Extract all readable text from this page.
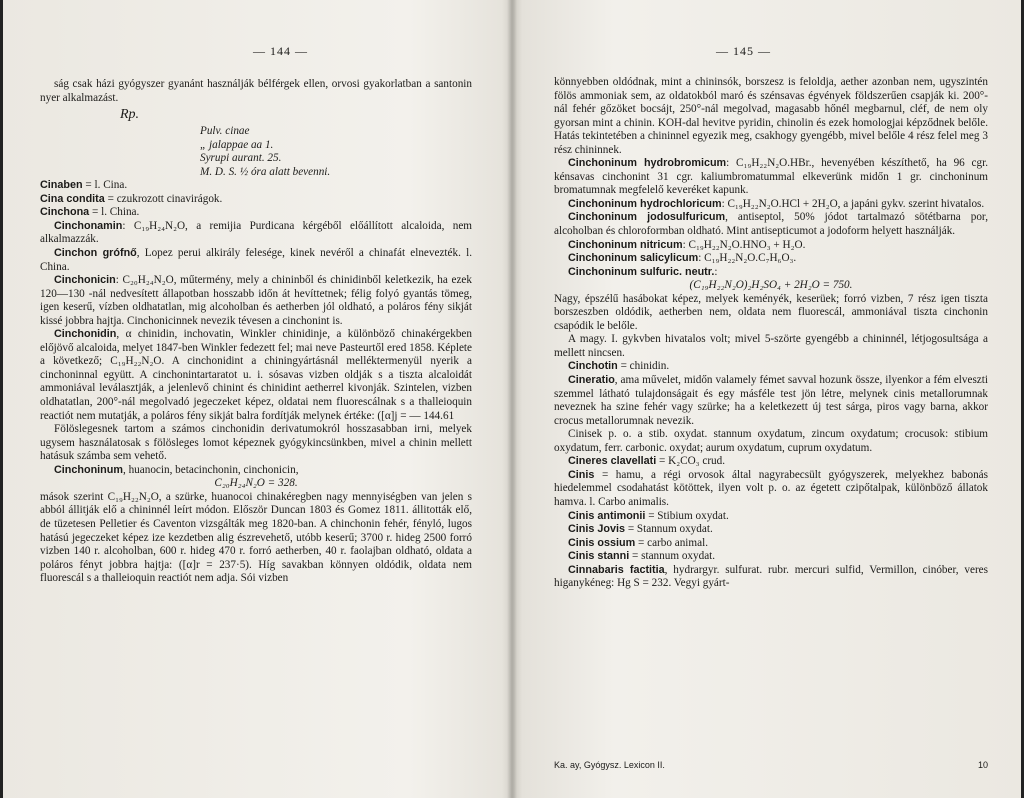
— 144 —

ság csak házi gyógyszer gyanánt használják bélférgek ellen, orvosi gyakorlatban a santonin nyer alkalmazást.

Rp.

Pulv. cinae

„ jalappae aa 1.

Syrupi aurant. 25.

M. D. S. ½ óra alatt bevenni.

Cinaben = l. Cina.

Cina condita = czukrozott cinavirágok.

Cinchona = l. China.

Cinchonamin: C₁₉H₂₄N₂O, a remijia Purdicana kérgéből előállított alcaloida, nem alkalmazzák.

Cinchon grófnő, Lopez perui alkirály felesége, kinek nevéről a chinafát elnevezték. l. China.

Cinchonicin: C₂₀H₂₄N₂O, műtermény, mely a chininből és chinidinből keletkezik, ha ezek 120—130 -nál nedvesített állapotban hosszabb időn át hevíttetnek; félig folyó gyantás tömeg, igen keserű, vízben oldhatatlan, mig alcoholban és aetherben jól oldható, a poláros fény sikját kissé jobbra hajtja. Cinchonicinnek nevezik tévesen a cinchonint is.

Cinchonidin, α chinidin, inchovatin, Winkler chinidinje, a különböző chinakérgekben előjövő alcaloida, melyet 1847-ben Winkler fedezett fel; mai neve Pasteurtől ered 1858. Képlete a következő; C₁₉H₂₂N₂O. A cinchonidint a chiningyártásnál melléktermenyül nyerik a cinchoninnal együtt. A cinchonintartaratot u. i. sósavas vizben oldják s a tiszta alcaloidát ammoniával leválasztják, a jelenlevő chinint és chinidint aetherrel kivonják. Szintelen, vizben oldhatatlan, 200°-nál megolvadó jegeczeket képez, oldatai nem fluorescálnak s a thalleioquin reactiót nem mutatják, a poláros fény sikját balra fordítják melynek értéke: ([α]j = — 144.61

Fölöslegesnek tartom a számos cinchonidin derivatumokról hosszasabban irni, melyek ugysem használatosak s fölösleges lomot képeznek gyógykincsünkben, mivel a chinin mellett hatásuk számba sem vehető.

Cinchoninum, huanocin, betacinchonin, cinchonicin,

C₂₀H₂₄N₂O = 328.

mások szerint C₁₉H₂₂N₂O, a szürke, huanocoi chinakéregben nagy mennyiségben van jelen s abból állitják elő a chininnél leírt módon. Először Duncan 1803 és Gomez 1811. állitották elő, de tüzetesen Pelletier és Caventon vizsgálták meg 1820-ban. A chinchonin fehér, fényló, lugos hatású jegeczeket képez ize kezdetben alig észrevehető, utóbb keserű; 3700 r. hideg 2500 forró vizben 140 r. alcoholban, 600 r. hideg 470 r. forró aetherben, 40 r. faolajban oldható, oldata a poláros fényt jobbra hajtja: ([α]r = 237·5). Híg savakban könnyen oldódik, oldata nem fluorescál s a thalleioquin reactiót nem adja. Sói vizben

— 145 —

könnyebben oldódnak, mint a chininsók, borszesz is feloldja, aether azonban nem, ugyszintén fölös ammoniak sem, az oldatokból maró és szénsavas égvények földszerűen csapják ki. 200°-nál fehér gőzöket bocsájt, 250°-nál megolvad, magasabb hőnél megbarnul, cléf, de nem oly gyorsan mint a chinin. KOH-dal hevitve pyridin, chinolin és ezek homologjai képződnek belőle. Hatás tekintetében a chininnel egyezik meg, csakhogy gyengébb, mivel belőle 4 rész felel meg 3 rész chininnek.

Cinchoninum hydrobromicum: C₁₉H₂₂N₂O.HBr., hevenyében készíthető, ha 96 cgr. kénsavas cinchonint 31 cgr. kaliumbromatummal elkeverünk midőn 1 gr. cinchoninum bromatumnak megfelelő keveréket kapunk.

Cinchoninum hydrochloricum: C₁₉H₂₂N₂O.HCl + 2H₂O, a japáni gykv. szerint hivatalos.

Cinchoninum jodosulfuricum, antiseptol, 50% jódot tartalmazó sötétbarna por, alcoholban és chloroformban oldható. Mint antisepticumot a jodoform helyett használják.

Cinchoninum nitricum: C₁₉H₂₂N₂O.HNO₃ + H₂O.

Cinchoninum salicylicum: C₁₉H₂₂N₂O.C₇H₆O₃.

Cinchoninum sulfuric. neutr.:

(C₁₉H₂₂N₂O)₂H₂SO₄ + 2H₂O = 750.

Nagy, épszélű hasábokat képez, melyek keményék, keserüek; forró vizben, 7 rész igen tiszta borszeszben oldódik, aetherben nem, oldata nem fluorescál, ammoniával tiszta cinchonin csapódik le belőle.

A magy. I. gykvben hivatalos volt; mivel 5-szörte gyengébb a chininnél, létjogosultsága a mellett nincsen.

Cinchotin = chinidin.

Cineratio, ama művelet, midőn valamely fémet savval hozunk össze, ilyenkor a fém elveszti szemmel látható tulajdonságait és egy másféle test jön létre, melynek cinis metallorumnak neveznek ha szine fehér vagy szürke; ha a keletkezett új test sárga, piros vagy barna, akkor crocus metallorumnak nevezik.

Cinisek p. o. a stib. oxydat. stannum oxydatum, zincum oxydatum; crocusok: stibium oxydatum, ferr. carbonic. oxydat; aurum oxydatum, cuprum oxydatum.

Cineres clavellati = K₂CO₃ crud.

Cinis = hamu, a régi orvosok által nagyrabecsült gyógyszerek, melyekhez babonás hiedelemmel csodahatást kötöttek, ilyen volt p. o. az égetett czipőtalpak, különböző állatok hamva. l. Carbo animalis.

Cinis antimonii = Stibium oxydat.

Cinis Jovis = Stannum oxydat.

Cinis ossium = carbo animal.

Cinis stanni = stannum oxydat.

Cinnabaris factitia, hydrargyr. sulfurat. rubr. mercuri sulfid, Vermillon, cinóber, veres higanykéneg: Hg S = 232. Vegyi gyárt-

Ka. ay, Gyógysz. Lexicon II.	10
